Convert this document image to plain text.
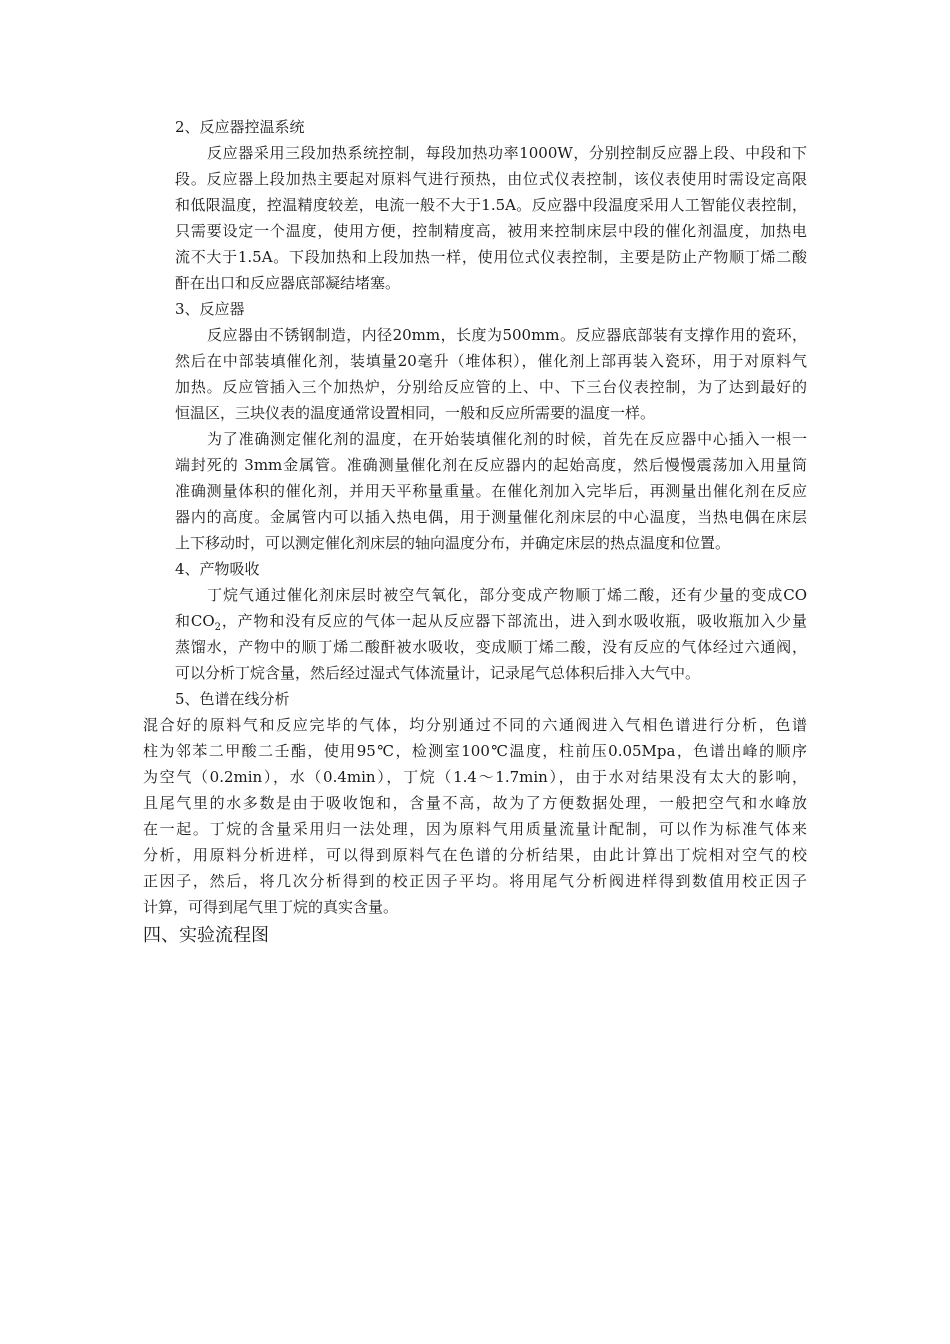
2、反应器控温系统
反应器采用三段加热系统控制，每段加热功率1000W，分别控制反应器上段、中段和下
段。反应器上段加热主要起对原料气进行预热，由位式仪表控制，该仪表使用时需设定高限
和低限温度，控温精度较差，电流一般不大于1.5A。反应器中段温度采用人工智能仪表控制，
只需要设定一个温度，使用方便，控制精度高，被用来控制床层中段的催化剂温度，加热电
流不大于1.5A。下段加热和上段加热一样，使用位式仪表控制，主要是防止产物顺丁烯二酸
酐在出口和反应器底部凝结堵塞。
3、反应器
反应器由不锈钢制造，内径20mm，长度为500mm。反应器底部装有支撑作用的瓷环，
然后在中部装填催化剂，装填量20毫升（堆体积），催化剂上部再装入瓷环，用于对原料气
加热。反应管插入三个加热炉，分别给反应管的上、中、下三台仪表控制，为了达到最好的
恒温区，三块仪表的温度通常设置相同，一般和反应所需要的温度一样。
为了准确测定催化剂的温度，在开始装填催化剂的时候，首先在反应器中心插入一根一
端封死的 3mm金属管。准确测量催化剂在反应器内的起始高度，然后慢慢震荡加入用量筒
准确测量体积的催化剂，并用天平称量重量。在催化剂加入完毕后，再测量出催化剂在反应
器内的高度。金属管内可以插入热电偶，用于测量催化剂床层的中心温度，当热电偶在床层
上下移动时，可以测定催化剂床层的轴向温度分布，并确定床层的热点温度和位置。
4、产物吸收
丁烷气通过催化剂床层时被空气氧化，部分变成产物顺丁烯二酸，还有少量的变成CO
和$CO_2$，产物和没有反应的气体一起从反应器下部流出，进入到水吸收瓶，吸收瓶加入少量
蒸馏水，产物中的顺丁烯二酸酐被水吸收，变成顺丁烯二酸，没有反应的气体经过六通阀，
可以分析丁烷含量，然后经过湿式气体流量计，记录尾气总体积后排入大气中。
5、色谱在线分析
混合好的原料气和反应完毕的气体，均分别通过不同的六通阀进入气相色谱进行分析，色谱
柱为邻苯二甲酸二壬酯，使用95℃，检测室100℃温度，柱前压0.05Mpa，色谱出峰的顺序
为空气（0.2min），水（0.4min），丁烷（1.4～1.7min），由于水对结果没有太大的影响，
且尾气里的水多数是由于吸收饱和，含量不高，故为了方便数据处理，一般把空气和水峰放
在一起。丁烷的含量采用归一法处理，因为原料气用质量流量计配制，可以作为标准气体来
分析，用原料分析进样，可以得到原料气在色谱的分析结果，由此计算出丁烷相对空气的校
正因子，然后，将几次分析得到的校正因子平均。将用尾气分析阀进样得到数值用校正因子
计算，可得到尾气里丁烷的真实含量。
四、实验流程图
